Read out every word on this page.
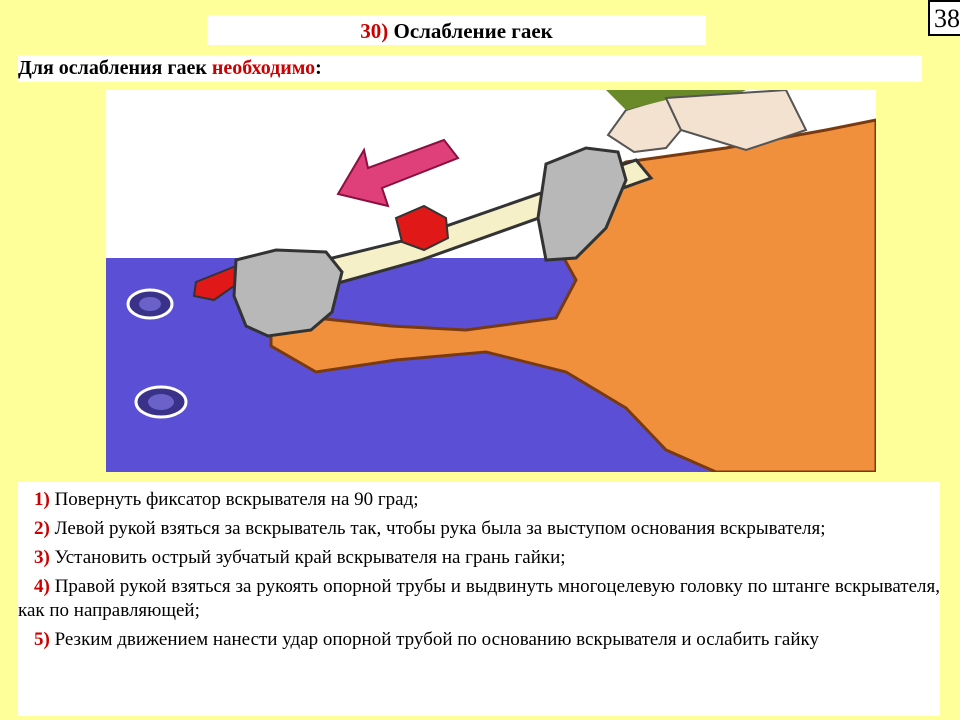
30) Ослабление гаек	38
Для ослабления гаек необходимо:

1) Повернуть фиксатор вскрывателя на 90 град;

2) Левой рукой взяться за вскрыватель так, чтобы рука была за выступом основания вскрывателя;

3) Установить острый зубчатый край вскрывателя на грань гайки;

4) Правой рукой взяться за рукоять опорной трубы и выдвинуть многоцелевую головку по штанге вскрывателя, как по направляющей;

5) Резким движением нанести удар опорной трубой по основанию вскрывателя и ослабить гайку
